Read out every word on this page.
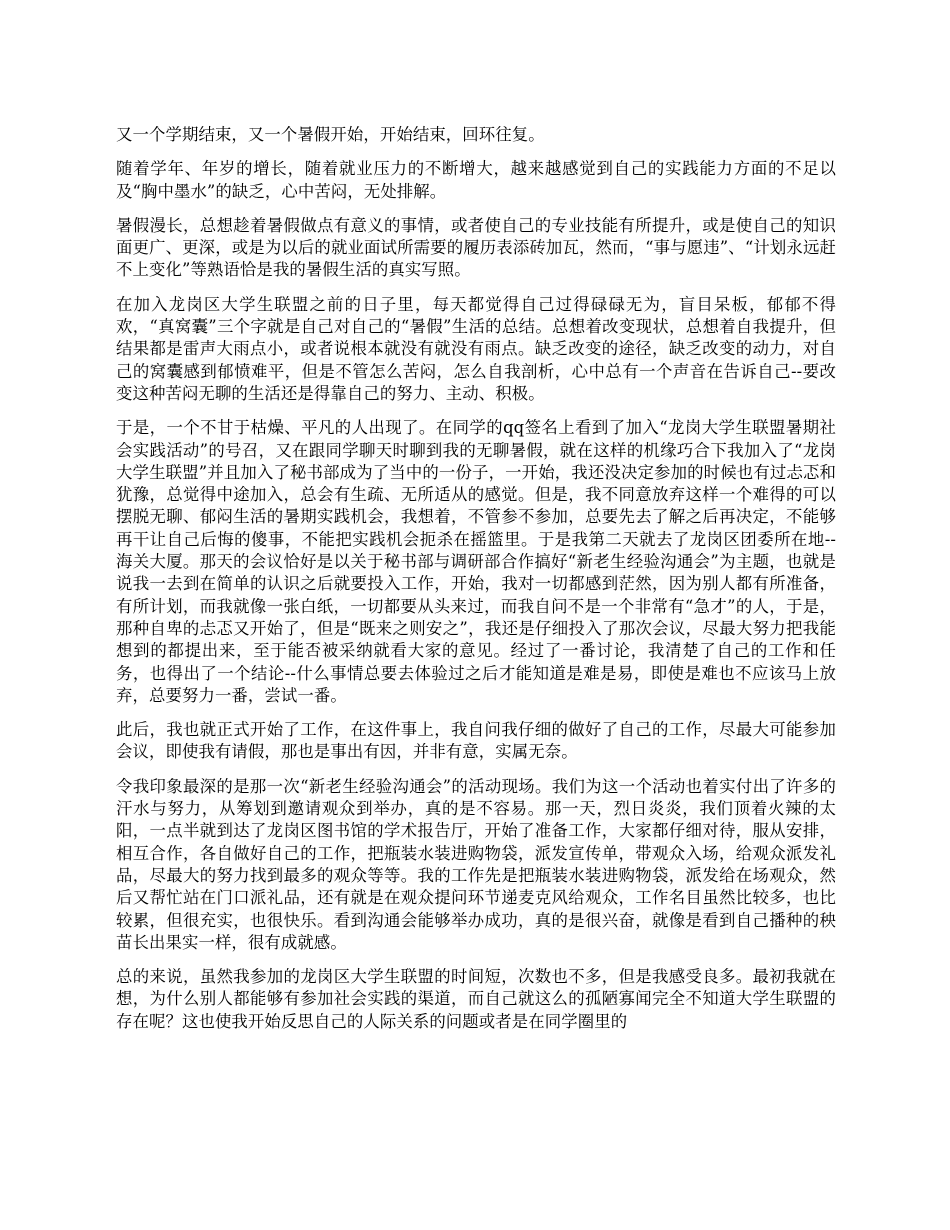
又一个学期结束，又一个暑假开始，开始结束，回环往复。

随着学年、年岁的增长，随着就业压力的不断增大，越来越感觉到自己的实践能力方面的不足以及“胸中墨水”的缺乏，心中苦闷，无处排解。

暑假漫长，总想趁着暑假做点有意义的事情，或者使自己的专业技能有所提升，或是使自己的知识面更广、更深，或是为以后的就业面试所需要的履历表添砖加瓦，然而，“事与愿违”、“计划永远赶不上变化”等熟语恰是我的暑假生活的真实写照。

在加入龙岗区大学生联盟之前的日子里，每天都觉得自己过得碌碌无为，盲目呆板，郁郁不得欢，“真窝囊”三个字就是自己对自己的“暑假”生活的总结。总想着改变现状，总想着自我提升，但结果都是雷声大雨点小，或者说根本就没有就没有雨点。缺乏改变的途径，缺乏改变的动力，对自己的窝囊感到郁愤难平，但是不管怎么苦闷，怎么自我剖析，心中总有一个声音在告诉自己--要改变这种苦闷无聊的生活还是得靠自己的努力、主动、积极。

于是，一个不甘于枯燥、平凡的人出现了。在同学的qq签名上看到了加入“龙岗大学生联盟暑期社会实践活动”的号召，又在跟同学聊天时聊到我的无聊暑假，就在这样的机缘巧合下我加入了“龙岗大学生联盟”并且加入了秘书部成为了当中的一份子，一开始，我还没决定参加的时候也有过忐忑和犹豫，总觉得中途加入，总会有生疏、无所适从的感觉。但是，我不同意放弃这样一个难得的可以摆脱无聊、郁闷生活的暑期实践机会，我想着，不管参不参加，总要先去了解之后再决定，不能够再干让自己后悔的傻事，不能把实践机会扼杀在摇篮里。于是我第二天就去了龙岗区团委所在地--海关大厦。那天的会议恰好是以关于秘书部与调研部合作搞好“新老生经验沟通会”为主题，也就是说我一去到在简单的认识之后就要投入工作，开始，我对一切都感到茫然，因为别人都有所准备，有所计划，而我就像一张白纸，一切都要从头来过，而我自问不是一个非常有“急才”的人，于是，那种自卑的忐忑又开始了，但是“既来之则安之”，我还是仔细投入了那次会议，尽最大努力把我能想到的都提出来，至于能否被采纳就看大家的意见。经过了一番讨论，我清楚了自己的工作和任务，也得出了一个结论--什么事情总要去体验过之后才能知道是难是易，即使是难也不应该马上放弃，总要努力一番，尝试一番。

此后，我也就正式开始了工作，在这件事上，我自问我仔细的做好了自己的工作，尽最大可能参加会议，即使我有请假，那也是事出有因，并非有意，实属无奈。

令我印象最深的是那一次“新老生经验沟通会”的活动现场。我们为这一个活动也着实付出了许多的汗水与努力，从筹划到邀请观众到举办，真的是不容易。那一天，烈日炎炎，我们顶着火辣的太阳，一点半就到达了龙岗区图书馆的学术报告厅，开始了准备工作，大家都仔细对待，服从安排，相互合作，各自做好自己的工作，把瓶装水装进购物袋，派发宣传单，带观众入场，给观众派发礼品，尽最大的努力找到最多的观众等等。我的工作先是把瓶装水装进购物袋，派发给在场观众，然后又帮忙站在门口派礼品，还有就是在观众提问环节递麦克风给观众，工作名目虽然比较多，也比较累，但很充实，也很快乐。看到沟通会能够举办成功，真的是很兴奋，就像是看到自己播种的秧苗长出果实一样，很有成就感。

总的来说，虽然我参加的龙岗区大学生联盟的时间短，次数也不多，但是我感受良多。最初我就在想，为什么别人都能够有参加社会实践的渠道，而自己就这么的孤陋寡闻完全不知道大学生联盟的存在呢？这也使我开始反思自己的人际关系的问题或者是在同学圈里的
